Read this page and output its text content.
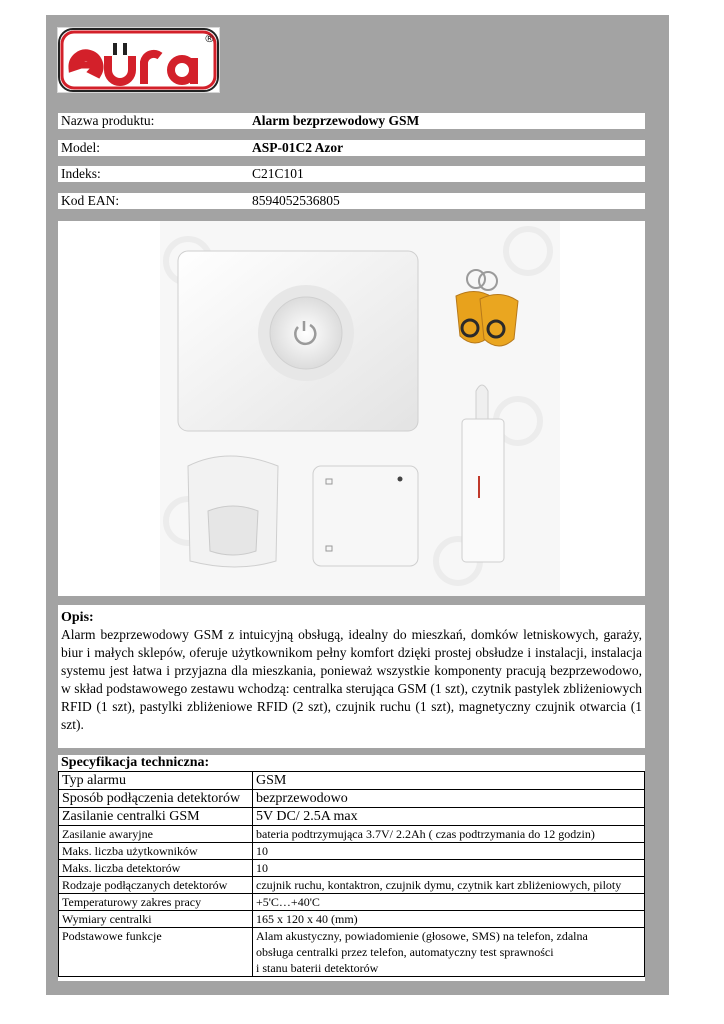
®
Nazwa produktu:	Alarm bezprzewodowy GSM
Model:	ASP-01C2 Azor
Indeks:	C21C101
Kod EAN:	8594052536805
Opis:
Alarm bezprzewodowy GSM z intuicyjną obsługą, idealny do mieszkań, domków letniskowych, garaży, biur i małych sklepów, oferuje użytkownikom pełny komfort dzięki prostej obsłudze i instalacji, instalacja systemu jest łatwa i przyjazna dla mieszkania, ponieważ wszystkie komponenty pracują bezprzewodowo, w skład podstawowego zestawu wchodzą: centralka sterująca GSM (1 szt), czytnik pastylek zbliżeniowych RFID (1 szt), pastylki zbliżeniowe RFID (2 szt), czujnik ruchu (1 szt), magnetyczny czujnik otwarcia (1 szt).
Specyfikacja techniczna:
Typ alarmu	GSM
Sposób podłączenia detektorów	bezprzewodowo
Zasilanie centralki GSM	5V DC/ 2.5A max
Zasilanie awaryjne	bateria podtrzymująca 3.7V/ 2.2Ah ( czas podtrzymania do 12 godzin)
Maks. liczba użytkowników	10
Maks. liczba detektorów	10
Rodzaje podłączanych detektorów	czujnik ruchu, kontaktron, czujnik dymu, czytnik kart zbliżeniowych, piloty
Temperaturowy zakres pracy	+5'C…+40'C
Wymiary centralki	165 x 120 x 40 (mm)
Podstawowe funkcje	Alam akustyczny, powiadomienie (głosowe, SMS) na telefon, zdalna
obsługa centralki przez telefon, automatyczny test sprawności
i stanu baterii detektorów
